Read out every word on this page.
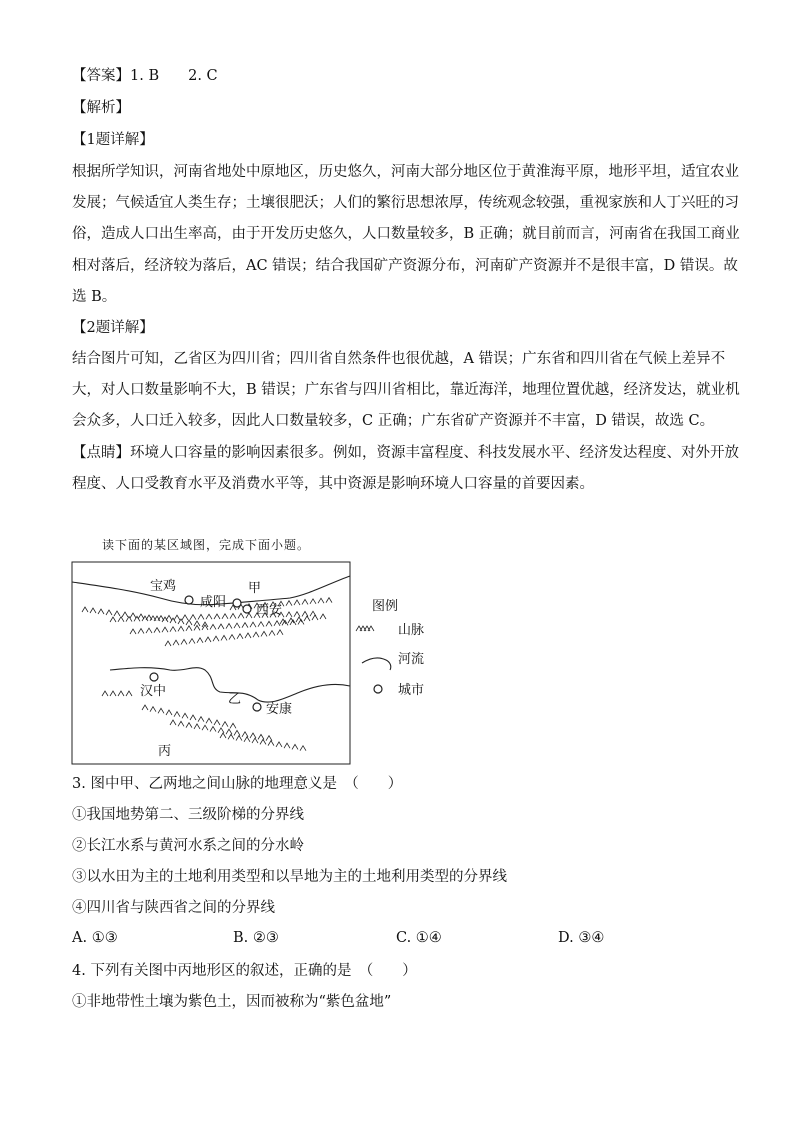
【答案】1. B　　2. C
【解析】
【1题详解】
根据所学知识，河南省地处中原地区，历史悠久，河南大部分地区位于黄淮海平原，地形平坦，适宜农业
发展；气候适宜人类生存；土壤很肥沃；人们的繁衍思想浓厚，传统观念较强，重视家族和人丁兴旺的习
俗，造成人口出生率高，由于开发历史悠久，人口数量较多，B 正确；就目前而言，河南省在我国工商业
相对落后，经济较为落后，AC 错误；结合我国矿产资源分布，河南矿产资源并不是很丰富，D 错误。故
选 B。
【2题详解】
结合图片可知，乙省区为四川省；四川省自然条件也很优越，A 错误；广东省和四川省在气候上差异不
大，对人口数量影响不大，B 错误；广东省与四川省相比，靠近海洋，地理位置优越，经济发达，就业机
会众多，人口迁入较多，因此人口数量较多，C 正确；广东省矿产资源并不丰富，D 错误，故选 C。
【点睛】环境人口容量的影响因素很多。例如，资源丰富程度、科技发展水平、经济发达程度、对外开放
程度、人口受教育水平及消费水平等，其中资源是影响环境人口容量的首要因素。
读下面的某区域图，完成下面小题。
宝鸡
咸阳
西安
汉中
安康
甲
乙
丙
图例
山脉
河流
城市
3. 图中甲、乙两地之间山脉的地理意义是　（　　）
①我国地势第二、三级阶梯的分界线
②长江水系与黄河水系之间的分水岭
③以水田为主的土地利用类型和以旱地为主的土地利用类型的分界线
④四川省与陕西省之间的分界线
A. ①③	B. ②③	C. ①④	D. ③④
4. 下列有关图中丙地形区的叙述，正确的是　（　　）
①非地带性土壤为紫色土，因而被称为“紫色盆地”
